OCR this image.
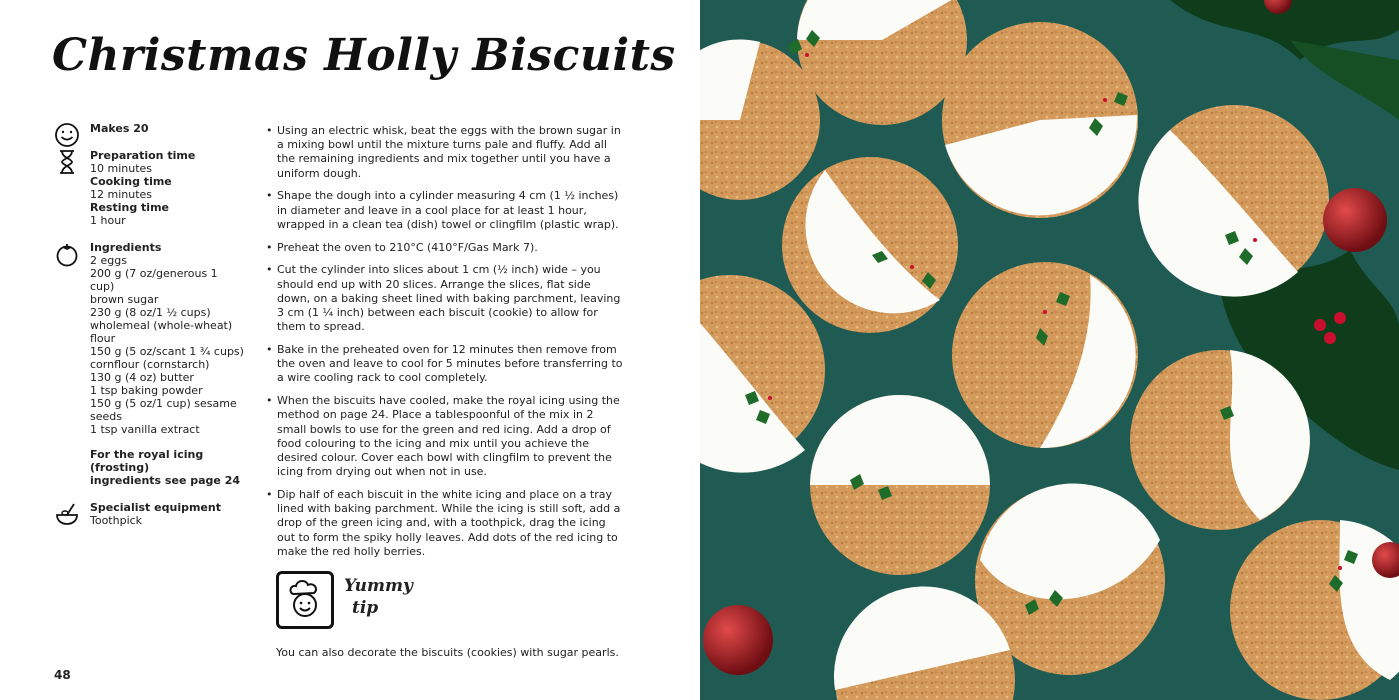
Christmas Holly Biscuits
Makes 20
Preparation time
10 minutes
Cooking time
12 minutes
Resting time
1 hour
Ingredients
2 eggs
200 g (7 oz/generous 1 cup)
brown sugar
230 g (8 oz/1 ½ cups)
wholemeal (whole-wheat)
flour
150 g (5 oz/scant 1 ¾ cups)
cornflour (cornstarch)
130 g (4 oz) butter
1 tsp baking powder
150 g (5 oz/1 cup) sesame
seeds
1 tsp vanilla extract
For the royal icing (frosting)
ingredients see page 24
Specialist equipment
Toothpick
• Using an electric whisk, beat the eggs with the brown sugar in a mixing bowl until the mixture turns pale and fluffy. Add all the remaining ingredients and mix together until you have a uniform dough.
• Shape the dough into a cylinder measuring 4 cm (1 ½ inches) in diameter and leave in a cool place for at least 1 hour, wrapped in a clean tea (dish) towel or clingfilm (plastic wrap).
• Preheat the oven to 210°C (410°F/Gas Mark 7).
• Cut the cylinder into slices about 1 cm (½ inch) wide – you should end up with 20 slices. Arrange the slices, flat side down, on a baking sheet lined with baking parchment, leaving 3 cm (1 ¼ inch) between each biscuit (cookie) to allow for them to spread.
• Bake in the preheated oven for 12 minutes then remove from the oven and leave to cool for 5 minutes before transferring to a wire cooling rack to cool completely.
• When the biscuits have cooled, make the royal icing using the method on page 24. Place a tablespoonful of the mix in 2 small bowls to use for the green and red icing. Add a drop of food colouring to the icing and mix until you achieve the desired colour. Cover each bowl with clingfilm to prevent the icing from drying out when not in use.
• Dip half of each biscuit in the white icing and place on a tray lined with baking parchment. While the icing is still soft, add a drop of the green icing and, with a toothpick, drag the icing out to form the spiky holly leaves. Add dots of the red icing to make the red holly berries.
Yummy
tip
You can also decorate the biscuits (cookies) with sugar pearls.
48
